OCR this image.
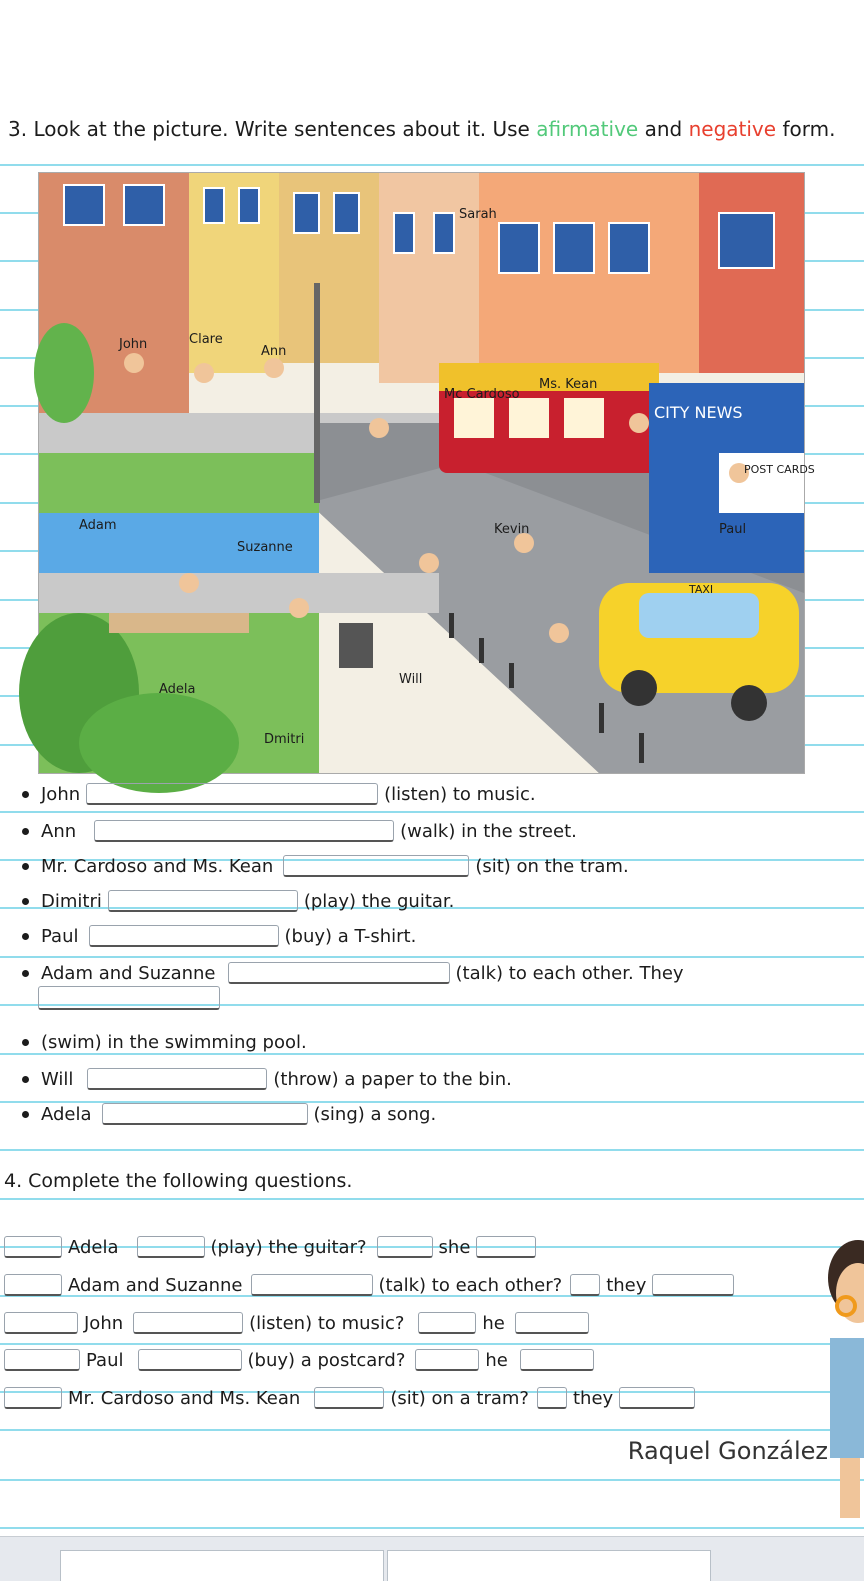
3. Look at the picture. Write sentences about it. Use afirmative and negative form.
John	Clare
Ann
Sarah
Mc Cardoso
Ms. Kean
CITY NEWS
POST CARDS
Adam
Suzanne
Kevin	Paul
TAXI
Will
Adela
Dmitri
John	(listen) to music.
Ann	(walk) in the street.
Mr. Cardoso and Ms. Kean	(sit) on the tram.
Dimitri	(play) the guitar.
Paul	(buy) a T-shirt.
Adam and Suzanne	(talk) to each other. They
(swim) in the swimming pool.
Will	(throw) a paper to the bin.
Adela	(sing) a song.
4. Complete the following questions.
Adela	(play) the guitar?	she
Adam and Suzanne	(talk) to each other? they
John	(listen) to music?	he
Paul	(buy) a postcard?	he
Mr. Cardoso and Ms. Kean	(sit) on a tram? they
Raquel González
